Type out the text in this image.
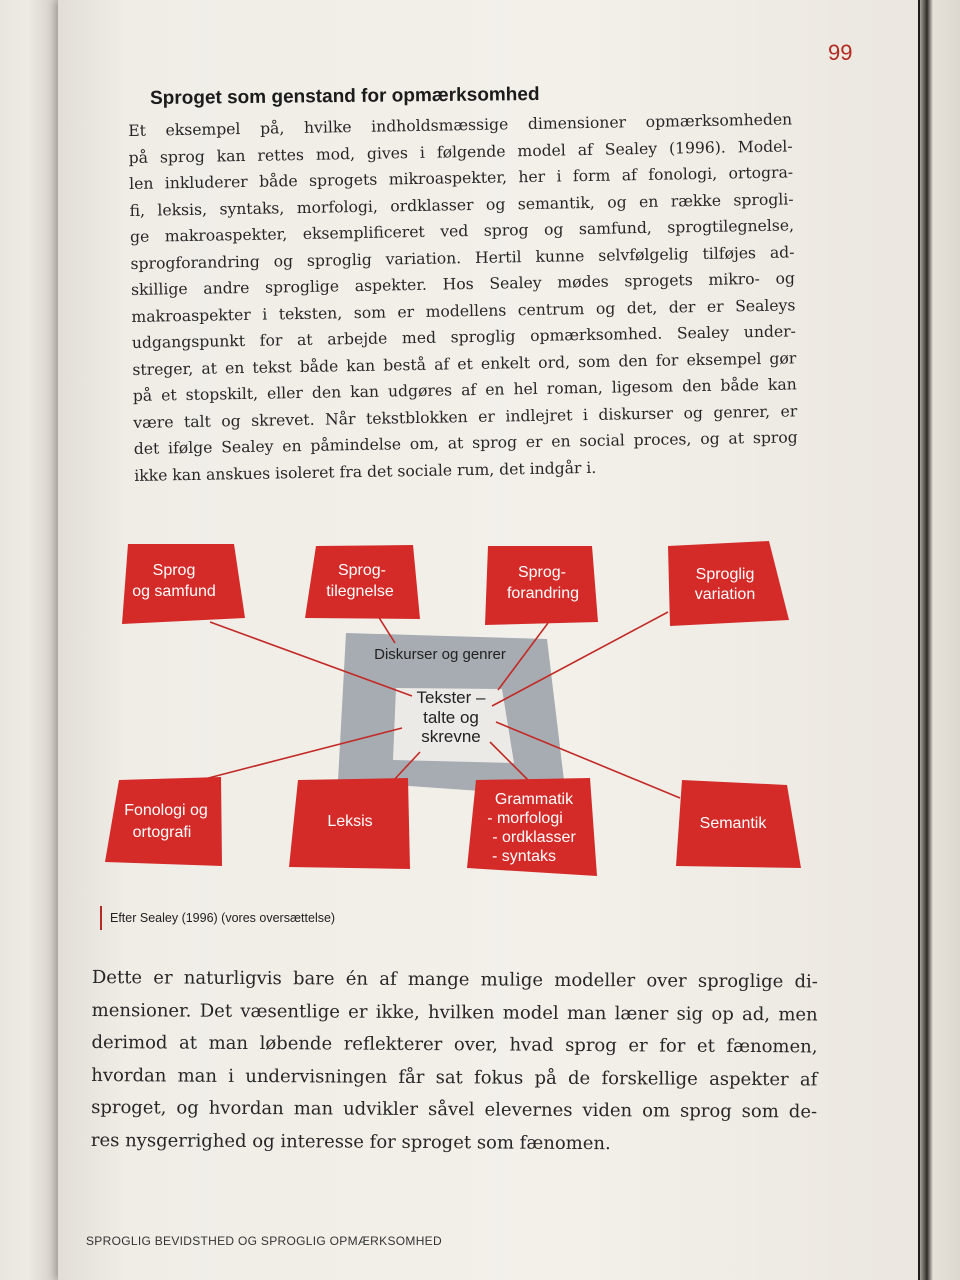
99
Sproget som genstand for opmærksomhed
Et eksempel på, hvilke indholdsmæssige dimensioner opmærksomheden
på sprog kan rettes mod, gives i følgende model af Sealey (1996). Model-
len inkluderer både sprogets mikroaspekter, her i form af fonologi, ortogra-
fi, leksis, syntaks, morfologi, ordklasser og semantik, og en række sprogli-
ge makroaspekter, eksemplificeret ved sprog og samfund, sprogtilegnelse,
sprogforandring og sproglig variation. Hertil kunne selvfølgelig tilføjes ad-
skillige andre sproglige aspekter. Hos Sealey mødes sprogets mikro- og
makroaspekter i teksten, som er modellens centrum og det, der er Sealeys
udgangspunkt for at arbejde med sproglig opmærksomhed. Sealey under-
streger, at en tekst både kan bestå af et enkelt ord, som den for eksempel gør
på et stopskilt, eller den kan udgøres af en hel roman, ligesom den både kan
være talt og skrevet. Når tekstblokken er indlejret i diskurser og genrer, er
det ifølge Sealey en påmindelse om, at sprog er en social proces, og at sprog
ikke kan anskues isoleret fra det sociale rum, det indgår i.
Diskurser og genrer
Tekster –
talte og
skrevne
Sprog
og samfund
Sprog-
tilegnelse
Sprog-
forandring
Sproglig
variation
Fonologi og
ortografi
Leksis
Grammatik
- morfologi
- ordklasser
- syntaks
Semantik
Efter Sealey (1996) (vores oversættelse)
Dette er naturligvis bare én af mange mulige modeller over sproglige di-
mensioner. Det væsentlige er ikke, hvilken model man læner sig op ad, men
derimod at man løbende reflekterer over, hvad sprog er for et fænomen,
hvordan man i undervisningen får sat fokus på de forskellige aspekter af
sproget, og hvordan man udvikler såvel elevernes viden om sprog som de-
res nysgerrighed og interesse for sproget som fænomen.
SPROGLIG BEVIDSTHED OG SPROGLIG OPMÆRKSOMHED
